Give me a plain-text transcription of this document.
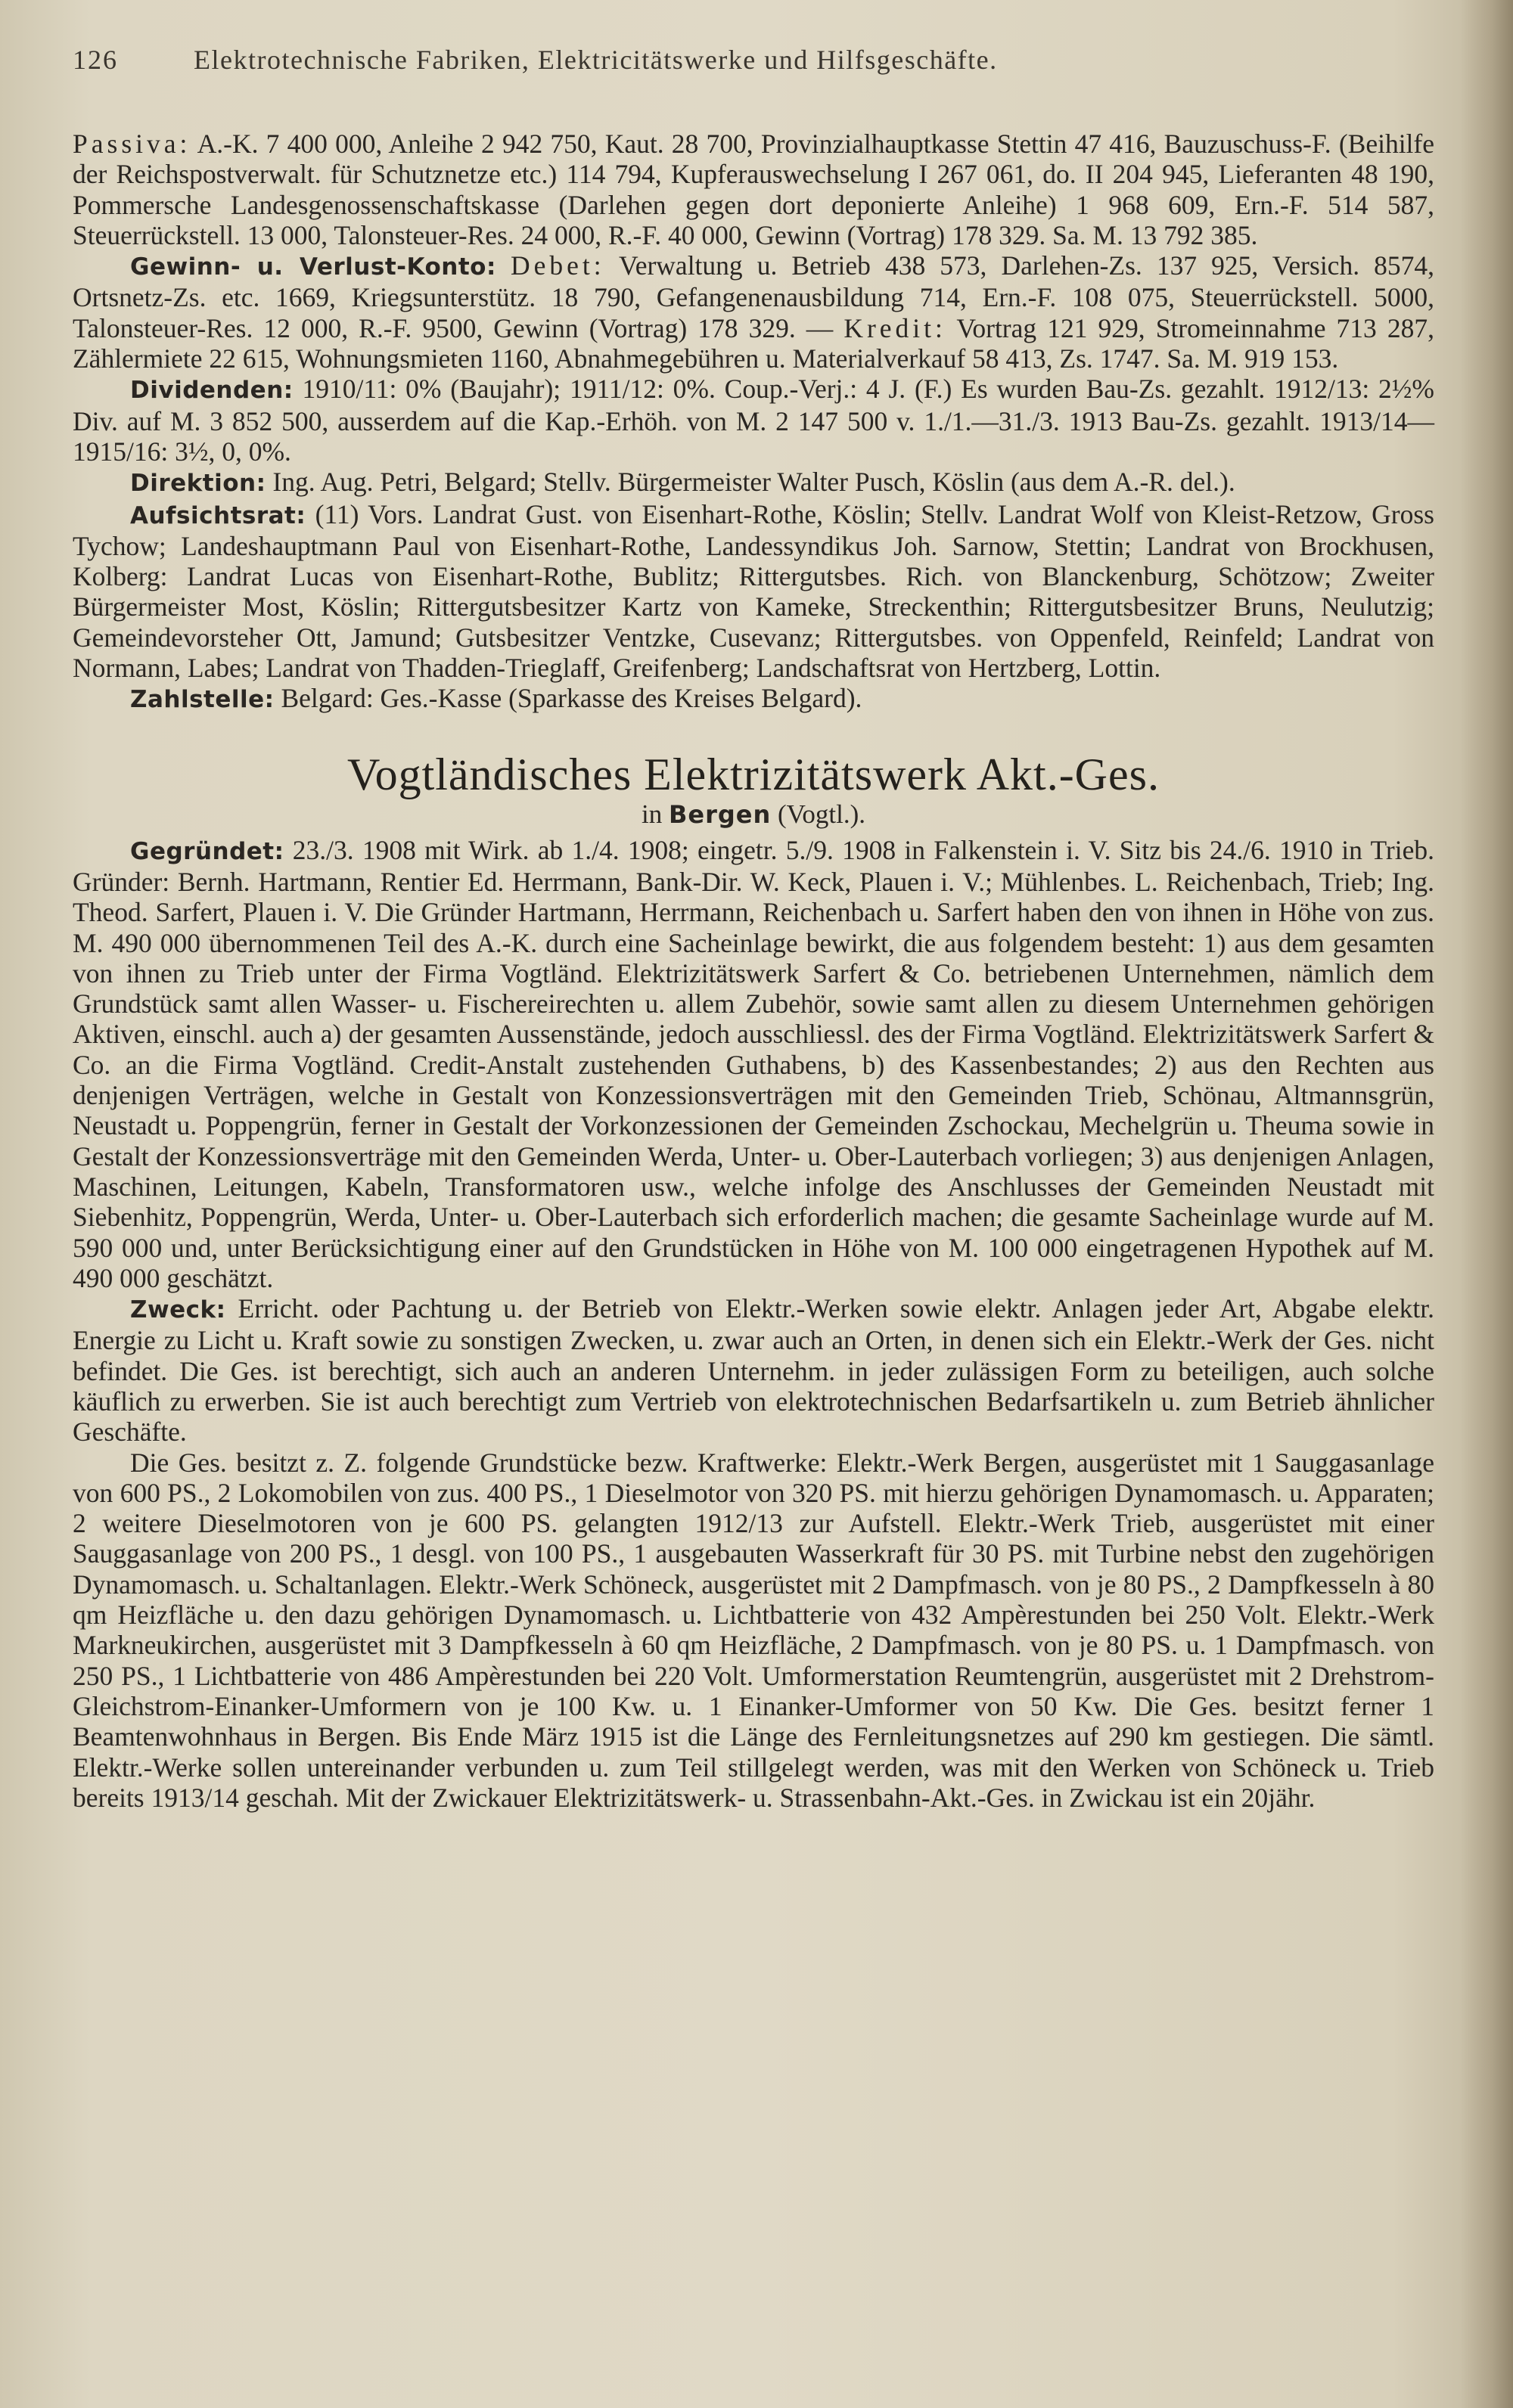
126	Elektrotechnische Fabriken, Elektricitätswerke und Hilfsgeschäfte.

Passiva: A.-K. 7 400 000, Anleihe 2 942 750, Kaut. 28 700, Provinzialhauptkasse Stettin 47 416, Bauzuschuss-F. (Beihilfe der Reichspostverwalt. für Schutznetze etc.) 114 794, Kupferauswechselung I 267 061, do. II 204 945, Lieferanten 48 190, Pommersche Landesgenossenschaftskasse (Darlehen gegen dort deponierte Anleihe) 1 968 609, Ern.-F. 514 587, Steuerrückstell. 13 000, Talonsteuer-Res. 24 000, R.-F. 40 000, Gewinn (Vortrag) 178 329. Sa. M. 13 792 385.

Gewinn- u. Verlust-Konto: Debet: Verwaltung u. Betrieb 438 573, Darlehen-Zs. 137 925, Versich. 8574, Ortsnetz-Zs. etc. 1669, Kriegsunterstütz. 18 790, Gefangenenausbildung 714, Ern.-F. 108 075, Steuerrückstell. 5000, Talonsteuer-Res. 12 000, R.-F. 9500, Gewinn (Vortrag) 178 329. — Kredit: Vortrag 121 929, Stromeinnahme 713 287, Zählermiete 22 615, Wohnungsmieten 1160, Abnahmegebühren u. Materialverkauf 58 413, Zs. 1747. Sa. M. 919 153.

Dividenden: 1910/11: 0% (Baujahr); 1911/12: 0%. Coup.-Verj.: 4 J. (F.) Es wurden Bau-Zs. gezahlt. 1912/13: 2½% Div. auf M. 3 852 500, ausserdem auf die Kap.-Erhöh. von M. 2 147 500 v. 1./1.—31./3. 1913 Bau-Zs. gezahlt. 1913/14—1915/16: 3½, 0, 0%.

Direktion: Ing. Aug. Petri, Belgard; Stellv. Bürgermeister Walter Pusch, Köslin (aus dem A.-R. del.).

Aufsichtsrat: (11) Vors. Landrat Gust. von Eisenhart-Rothe, Köslin; Stellv. Landrat Wolf von Kleist-Retzow, Gross Tychow; Landeshauptmann Paul von Eisenhart-Rothe, Landessyndikus Joh. Sarnow, Stettin; Landrat von Brockhusen, Kolberg: Landrat Lucas von Eisenhart-Rothe, Bublitz; Rittergutsbes. Rich. von Blanckenburg, Schötzow; Zweiter Bürgermeister Most, Köslin; Rittergutsbesitzer Kartz von Kameke, Streckenthin; Rittergutsbesitzer Bruns, Neulutzig; Gemeindevorsteher Ott, Jamund; Gutsbesitzer Ventzke, Cusevanz; Rittergutsbes. von Oppenfeld, Reinfeld; Landrat von Normann, Labes; Landrat von Thadden-Trieglaff, Greifenberg; Landschaftsrat von Hertzberg, Lottin.

Zahlstelle: Belgard: Ges.-Kasse (Sparkasse des Kreises Belgard).

Vogtländisches Elektrizitätswerk Akt.-Ges.
in Bergen (Vogtl.).

Gegründet: 23./3. 1908 mit Wirk. ab 1./4. 1908; eingetr. 5./9. 1908 in Falkenstein i. V. Sitz bis 24./6. 1910 in Trieb. Gründer: Bernh. Hartmann, Rentier Ed. Herrmann, Bank-Dir. W. Keck, Plauen i. V.; Mühlenbes. L. Reichenbach, Trieb; Ing. Theod. Sarfert, Plauen i. V. Die Gründer Hartmann, Herrmann, Reichenbach u. Sarfert haben den von ihnen in Höhe von zus. M. 490 000 übernommenen Teil des A.-K. durch eine Sacheinlage bewirkt, die aus folgendem besteht: 1) aus dem gesamten von ihnen zu Trieb unter der Firma Vogtländ. Elektrizitätswerk Sarfert & Co. betriebenen Unternehmen, nämlich dem Grundstück samt allen Wasser- u. Fischereirechten u. allem Zubehör, sowie samt allen zu diesem Unternehmen gehörigen Aktiven, einschl. auch a) der gesamten Aussenstände, jedoch ausschliessl. des der Firma Vogtländ. Elektrizitätswerk Sarfert & Co. an die Firma Vogtländ. Credit-Anstalt zustehenden Guthabens, b) des Kassenbestandes; 2) aus den Rechten aus denjenigen Verträgen, welche in Gestalt von Konzessionsverträgen mit den Gemeinden Trieb, Schönau, Altmannsgrün, Neustadt u. Poppengrün, ferner in Gestalt der Vorkonzessionen der Gemeinden Zschockau, Mechelgrün u. Theuma sowie in Gestalt der Konzessionsverträge mit den Gemeinden Werda, Unter- u. Ober-Lauterbach vorliegen; 3) aus denjenigen Anlagen, Maschinen, Leitungen, Kabeln, Transformatoren usw., welche infolge des Anschlusses der Gemeinden Neustadt mit Siebenhitz, Poppengrün, Werda, Unter- u. Ober-Lauterbach sich erforderlich machen; die gesamte Sacheinlage wurde auf M. 590 000 und, unter Berücksichtigung einer auf den Grundstücken in Höhe von M. 100 000 eingetragenen Hypothek auf M. 490 000 geschätzt.

Zweck: Erricht. oder Pachtung u. der Betrieb von Elektr.-Werken sowie elektr. Anlagen jeder Art, Abgabe elektr. Energie zu Licht u. Kraft sowie zu sonstigen Zwecken, u. zwar auch an Orten, in denen sich ein Elektr.-Werk der Ges. nicht befindet. Die Ges. ist berechtigt, sich auch an anderen Unternehm. in jeder zulässigen Form zu beteiligen, auch solche käuflich zu erwerben. Sie ist auch berechtigt zum Vertrieb von elektrotechnischen Bedarfsartikeln u. zum Betrieb ähnlicher Geschäfte.

Die Ges. besitzt z. Z. folgende Grundstücke bezw. Kraftwerke: Elektr.-Werk Bergen, ausgerüstet mit 1 Sauggasanlage von 600 PS., 2 Lokomobilen von zus. 400 PS., 1 Dieselmotor von 320 PS. mit hierzu gehörigen Dynamomasch. u. Apparaten; 2 weitere Dieselmotoren von je 600 PS. gelangten 1912/13 zur Aufstell. Elektr.-Werk Trieb, ausgerüstet mit einer Sauggasanlage von 200 PS., 1 desgl. von 100 PS., 1 ausgebauten Wasserkraft für 30 PS. mit Turbine nebst den zugehörigen Dynamomasch. u. Schaltanlagen. Elektr.-Werk Schöneck, ausgerüstet mit 2 Dampfmasch. von je 80 PS., 2 Dampfkesseln à 80 qm Heizfläche u. den dazu gehörigen Dynamomasch. u. Lichtbatterie von 432 Ampèrestunden bei 250 Volt. Elektr.-Werk Markneukirchen, ausgerüstet mit 3 Dampfkesseln à 60 qm Heizfläche, 2 Dampfmasch. von je 80 PS. u. 1 Dampfmasch. von 250 PS., 1 Lichtbatterie von 486 Ampèrestunden bei 220 Volt. Umformerstation Reumtengrün, ausgerüstet mit 2 Drehstrom-Gleichstrom-Einanker-Umformern von je 100 Kw. u. 1 Einanker-Umformer von 50 Kw. Die Ges. besitzt ferner 1 Beamtenwohnhaus in Bergen. Bis Ende März 1915 ist die Länge des Fernleitungsnetzes auf 290 km gestiegen. Die sämtl. Elektr.-Werke sollen untereinander verbunden u. zum Teil stillgelegt werden, was mit den Werken von Schöneck u. Trieb bereits 1913/14 geschah. Mit der Zwickauer Elektrizitätswerk- u. Strassenbahn-Akt.-Ges. in Zwickau ist ein 20jähr.
